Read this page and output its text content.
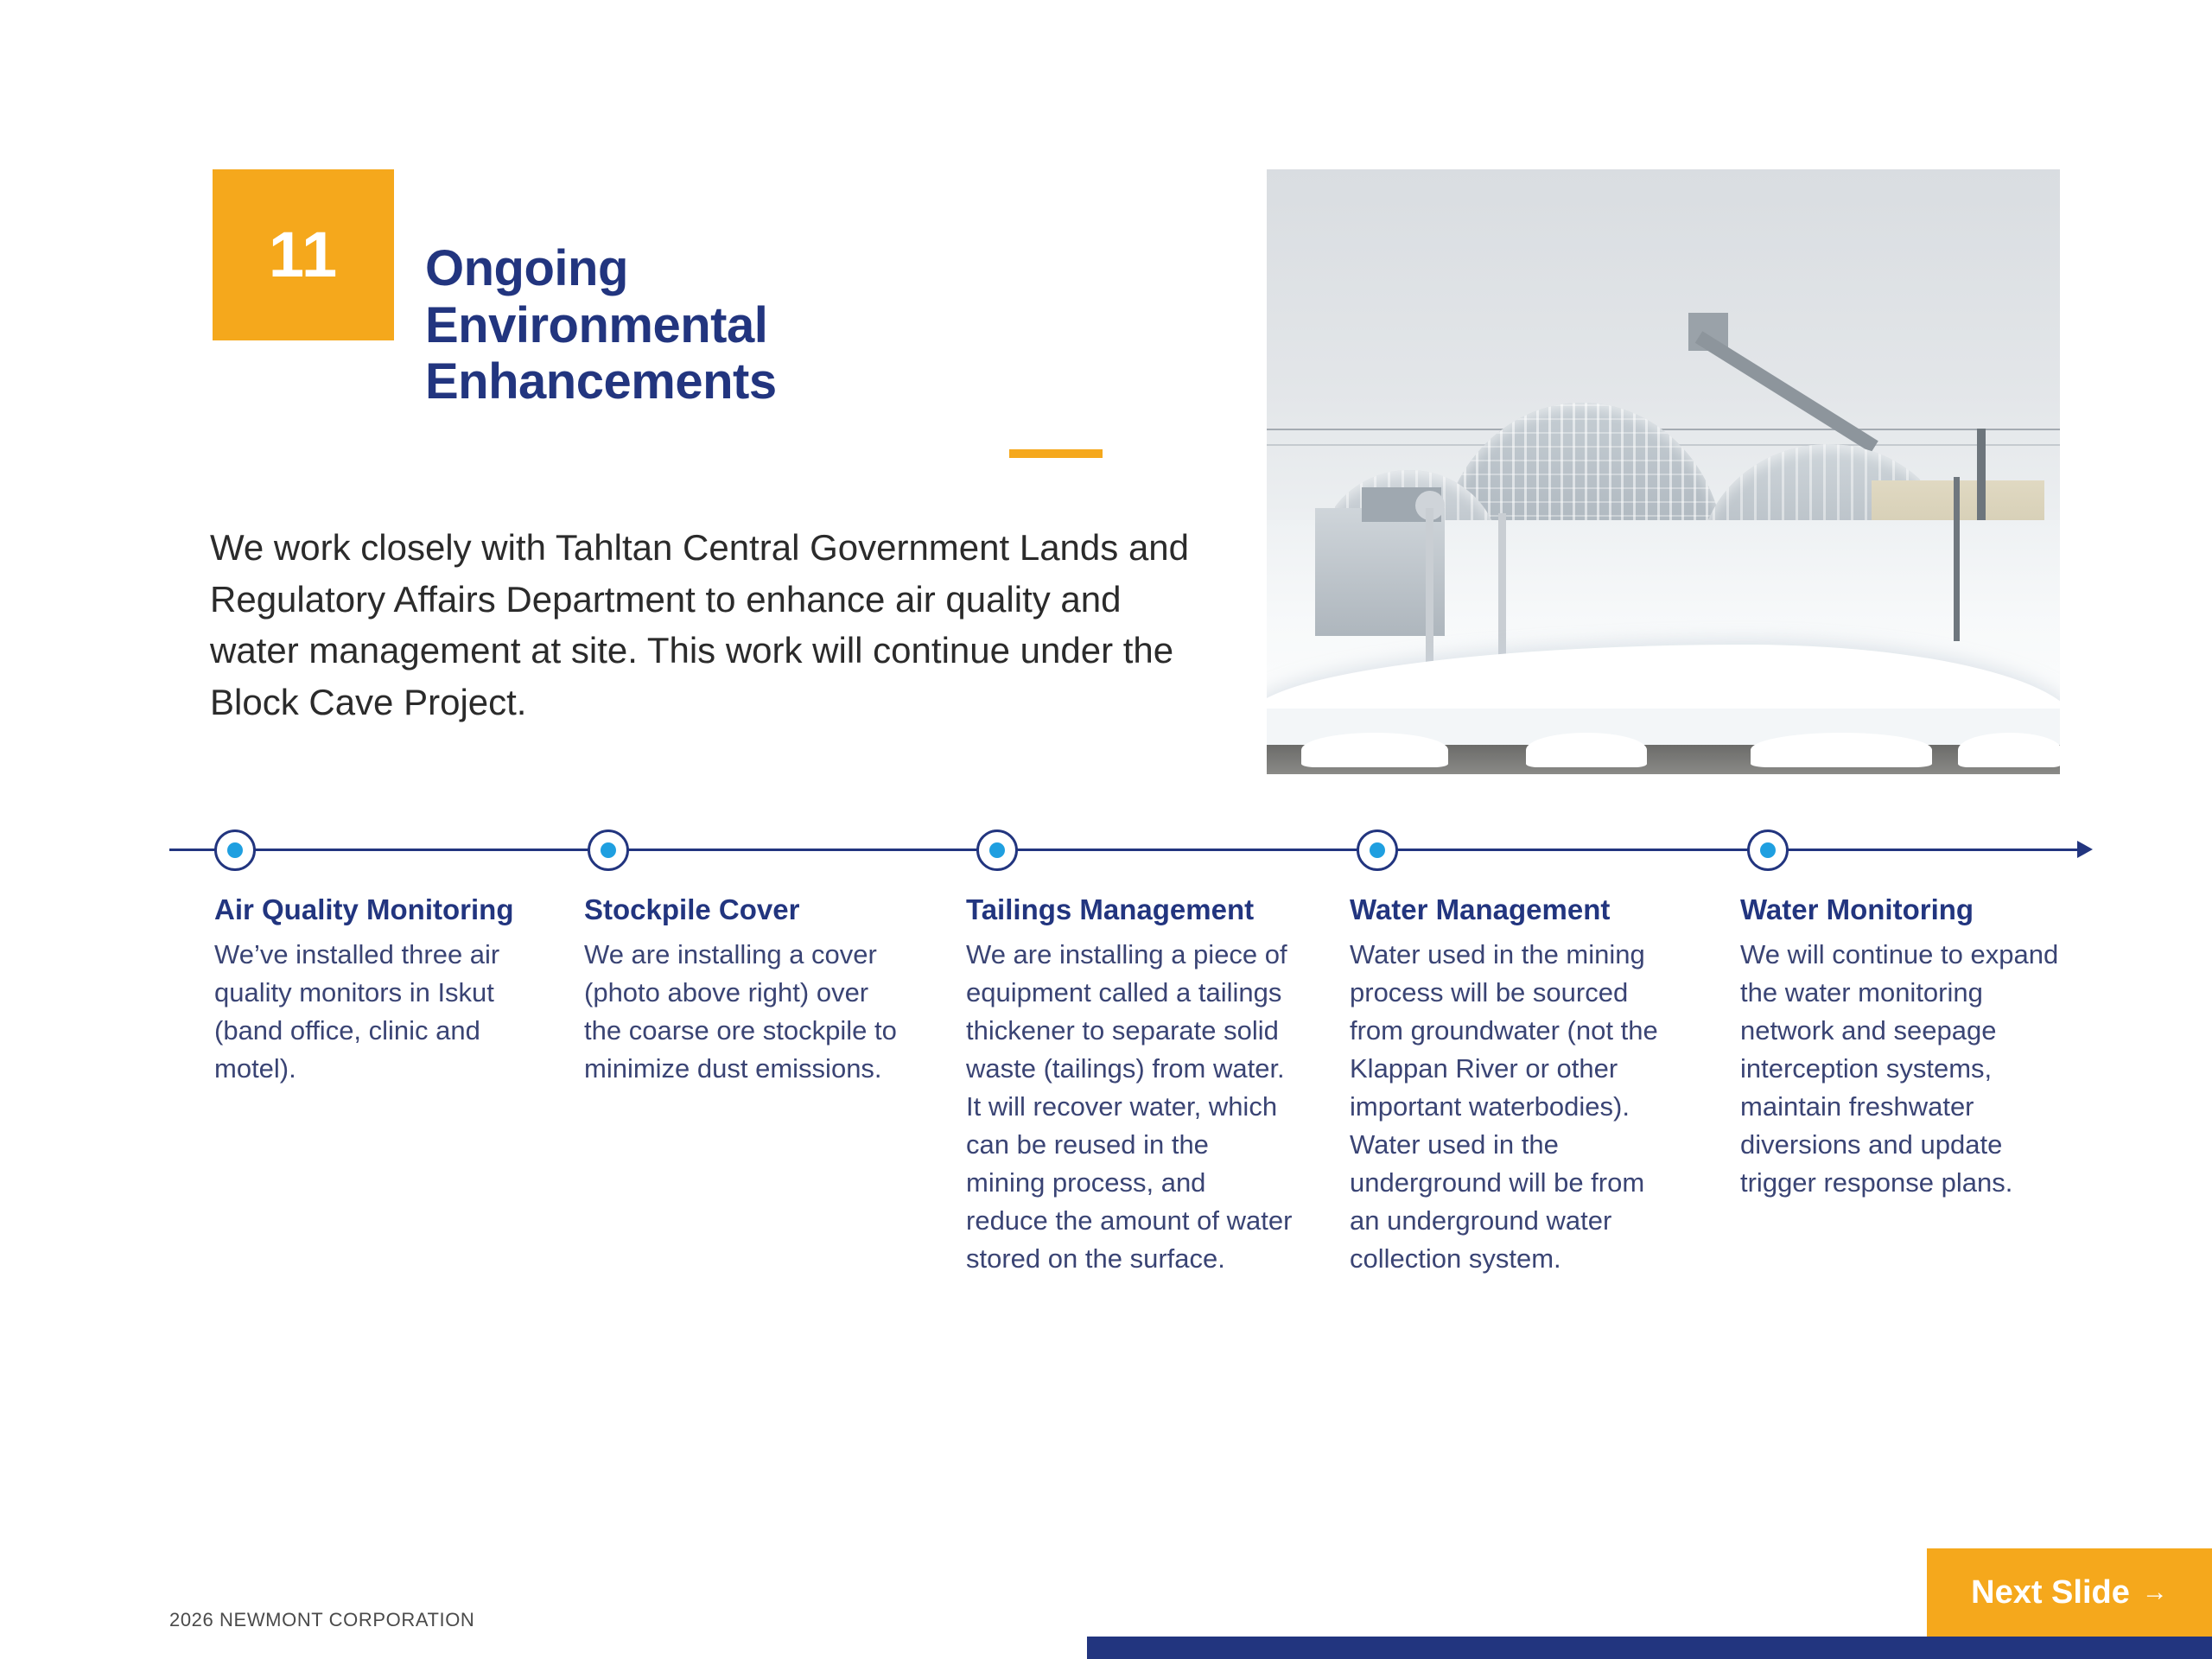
11 Ongoing Environmental Enhancements
We work closely with Tahltan Central Government Lands and Regulatory Affairs Department to enhance air quality and water management at site. This work will continue under the Block Cave Project.
Air Quality Monitoring

We’ve installed three air quality monitors in Iskut (band office, clinic and motel).

Stockpile Cover

We are installing a cover (photo above right) over the coarse ore stockpile to minimize dust emissions.

Tailings Management

We are installing a piece of equipment called a tailings thickener to separate solid waste (tailings) from water. It will recover water, which can be reused in the mining process, and reduce the amount of water stored on the surface.

Water Management

Water used in the mining process will be sourced from groundwater (not the Klappan River or other important waterbodies). Water used in the underground will be from an underground water collection system.

Water Monitoring

We will continue to expand the water monitoring network and seepage interception systems, maintain freshwater diversions and update trigger response plans.

2026 NEWMONT CORPORATION
Next Slide →
